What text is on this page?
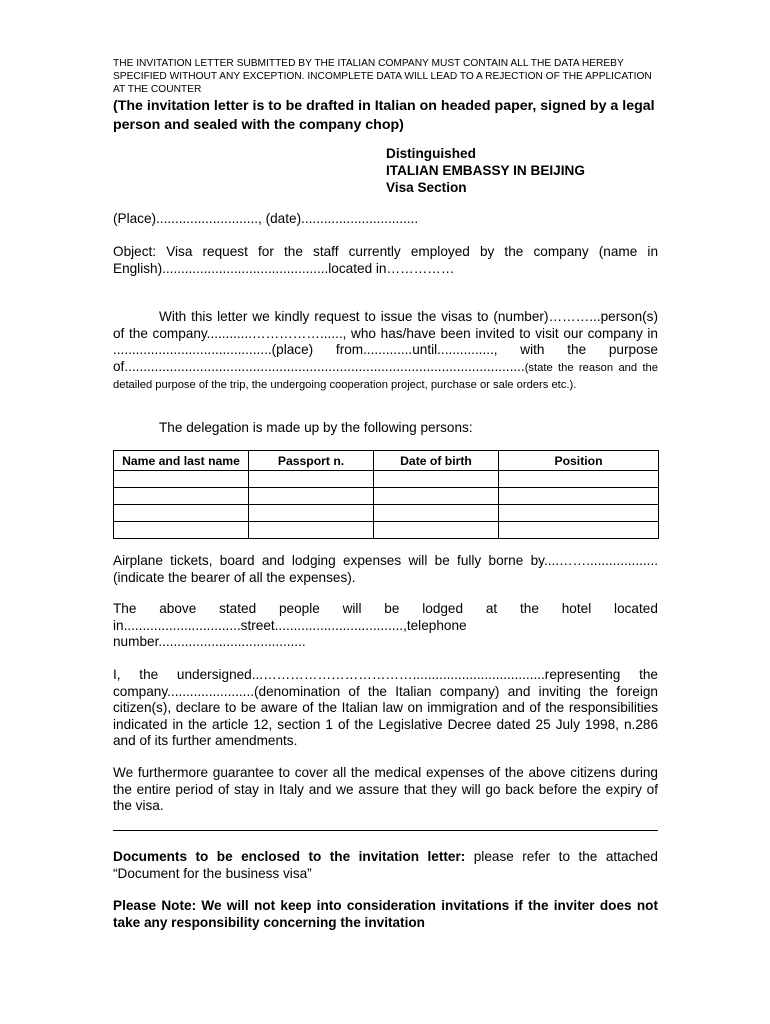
THE INVITATION LETTER SUBMITTED BY THE ITALIAN COMPANY MUST CONTAIN ALL THE DATA HEREBY
SPECIFIED WITHOUT ANY EXCEPTION. INCOMPLETE DATA WILL LEAD TO A REJECTION OF THE APPLICATION
AT THE COUNTER
(The invitation letter is to be drafted in Italian on headed paper, signed by a legal person and sealed with the company chop)
Distinguished
ITALIAN EMBASSY IN BEIJING
Visa Section
(Place)..........................., (date)...............................
Object: Visa request for the staff currently employed by the company (name in English)............................................located in……………
With this letter we kindly request to issue the visas to (number)………...person(s) of the company............……………......, who has/have been invited to visit our company in ..........................................(place) from.............until..............., with the purpose of..........................................................................................................(state the reason and the detailed purpose of the trip, the undergoing cooperation project, purchase or sale orders etc.).
The delegation is made up by the following persons:
Name and last name	Passport n.	Date of birth	Position

Airplane tickets, board and lodging expenses will be fully borne by....……...................(indicate the bearer of all the expenses).
The above stated people will be lodged at the hotel located
in...............................street..................................,telephone
number.......................................
I, the undersigned...……………………………...................................representing the company.......................(denomination of the Italian company) and inviting the foreign citizen(s), declare to be aware of the Italian law on immigration and of the responsibilities indicated in the article 12, section 1 of the Legislative Decree dated 25 July 1998, n.286 and of its further amendments.
We furthermore guarantee to cover all the medical expenses of the above citizens during the entire period of stay in Italy and we assure that they will go back before the expiry of the visa.
Documents to be enclosed to the invitation letter: please refer to the attached “Document for the business visa”
Please Note: We will not keep into consideration invitations if the inviter does not take any responsibility concerning the invitation
